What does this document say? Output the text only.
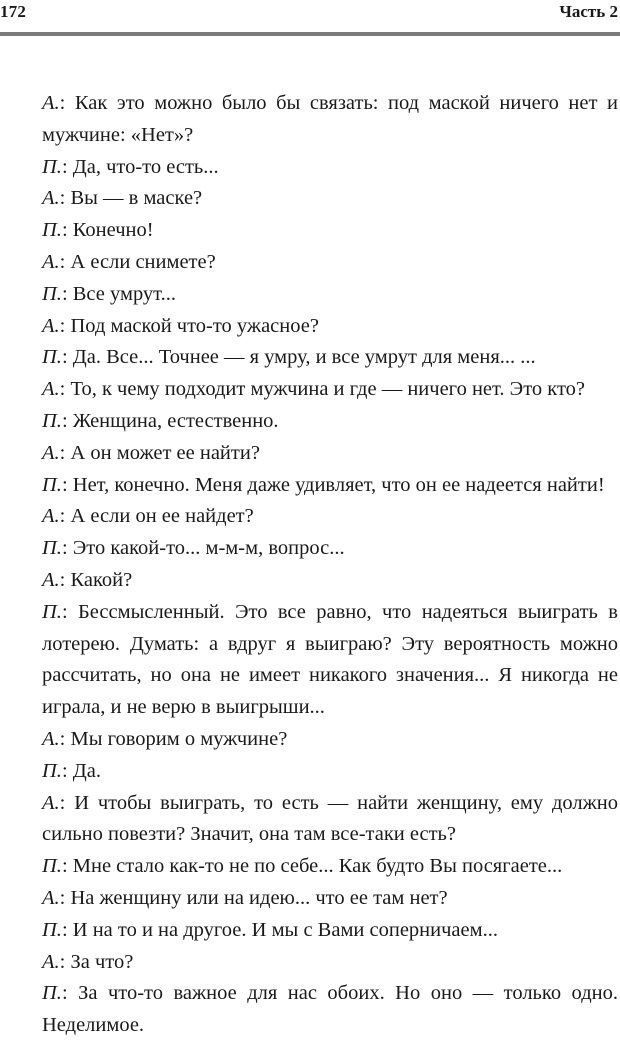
172	Часть 2

А.: Как это можно было бы связать: под маской ничего нет и мужчине: «Нет»?

П.: Да, что-то есть...

А.: Вы — в маске?

П.: Конечно!

А.: А если снимете?

П.: Все умрут...

А.: Под маской что-то ужасное?

П.: Да. Все... Точнее — я умру, и все умрут для меня... ...

А.: То, к чему подходит мужчина и где — ничего нет. Это кто?

П.: Женщина, естественно.

А.: А он может ее найти?

П.: Нет, конечно. Меня даже удивляет, что он ее надеется найти!

А.: А если он ее найдет?

П.: Это какой-то... м-м-м, вопрос...

А.: Какой?

П.: Бессмысленный. Это все равно, что надеяться выиграть в лотерею. Думать: а вдруг я выиграю? Эту вероятность можно рассчитать, но она не имеет никакого значения... Я никогда не играла, и не верю в выигрыши...

А.: Мы говорим о мужчине?

П.: Да.

А.: И чтобы выиграть, то есть — найти женщину, ему должно сильно повезти? Значит, она там все-таки есть?

П.: Мне стало как-то не по себе... Как будто Вы посягаете...

А.: На женщину или на идею... что ее там нет?

П.: И на то и на другое. И мы с Вами соперничаем...

А.: За что?

П.: За что-то важное для нас обоих. Но оно — только одно. Неделимое.
